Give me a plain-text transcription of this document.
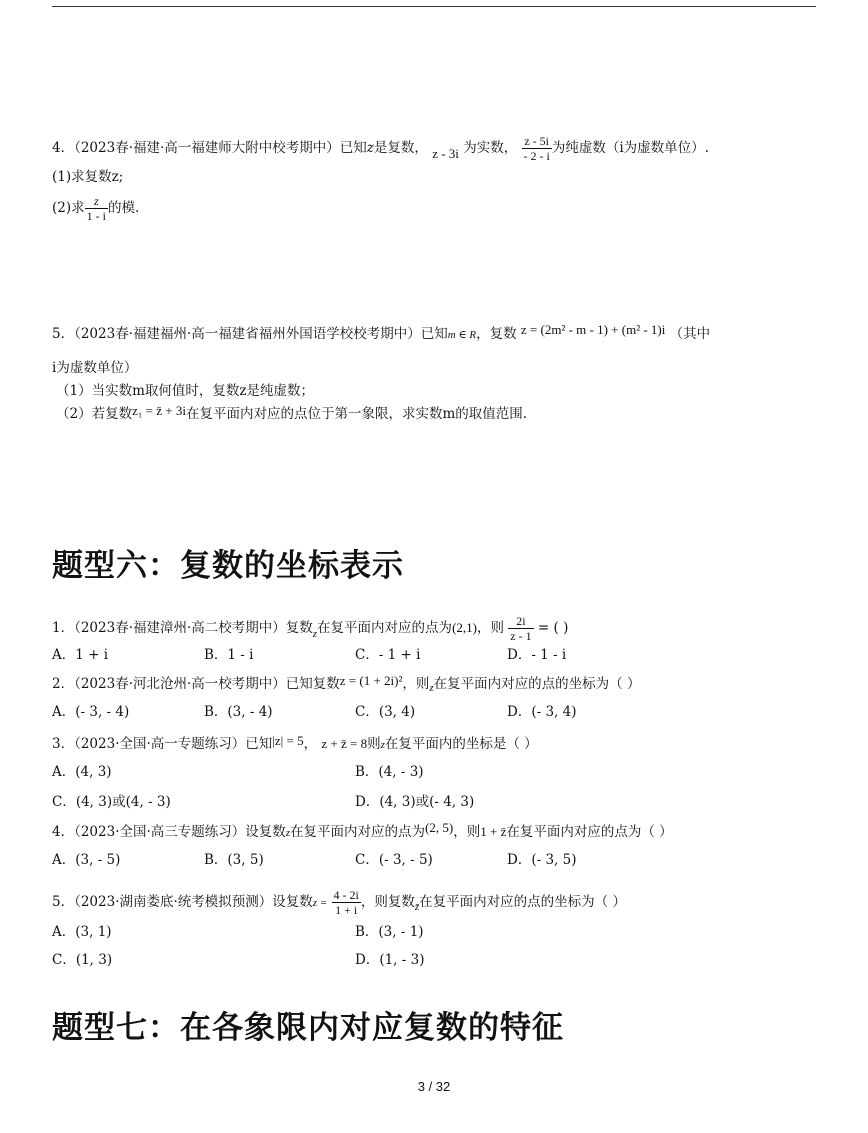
4．（2023春·福建·高一福建师大附中校考期中）已知z是复数， z - 3i 为实数， $\frac{z - 5i}{- 2 - i}$ 为纯虚数（i为虚数单位）.
(1)求复数z;
(2)求 $\frac{z}{1 - i}$ 的模.
5．（2023春·福建福州·高一福建省福州外国语学校校考期中）已知m ∈ R，复数 z = (2m² - m - 1) + (m² - 1)i （其中
i为虚数单位）
（1）当实数m取何值时，复数z是纯虚数；
（2）若复数z₁ = z̄ + 3i在复平面内对应的点位于第一象限，求实数m的取值范围.
题型六：复数的坐标表示
1．（2023春·福建漳州·高二校考期中）复数$_z$在复平面内对应的点为(2,1)，则 $\frac{2i}{z - 1}$ = ( )
A．1 + i	B．1 - i	C．- 1 + i	D．- 1 - i
2．（2023春·河北沧州·高一校考期中）已知复数z = (1 + 2i)²，则$_z$在复平面内对应的点的坐标为（ ）
A．(- 3, - 4)	B．(3, - 4)	C．(3, 4)	D．(- 3, 4)
3．（2023·全国·高一专题练习）已知|z| = 5， z + z̄ = 8则z在复平面内的坐标是（ ）
A．(4, 3)	B．(4, - 3)
C．(4, 3)或(4, - 3)	D．(4, 3)或(- 4, 3)
4．（2023·全国·高三专题练习）设复数z在复平面内对应的点为(2, 5)，则1 + z̄在复平面内对应的点为（ ）
A．(3, - 5)	B．(3, 5)	C．(- 3, - 5)	D．(- 3, 5)
5．（2023·湖南娄底·统考模拟预测）设复数$z = \frac{4 - 2i}{1 + i}$ ，则复数$_{z̄}$在复平面内对应的点的坐标为（ ）
A．(3, 1)	B．(3, - 1)
C．(1, 3)	D．(1, - 3)
题型七：在各象限内对应复数的特征
3 / 32
